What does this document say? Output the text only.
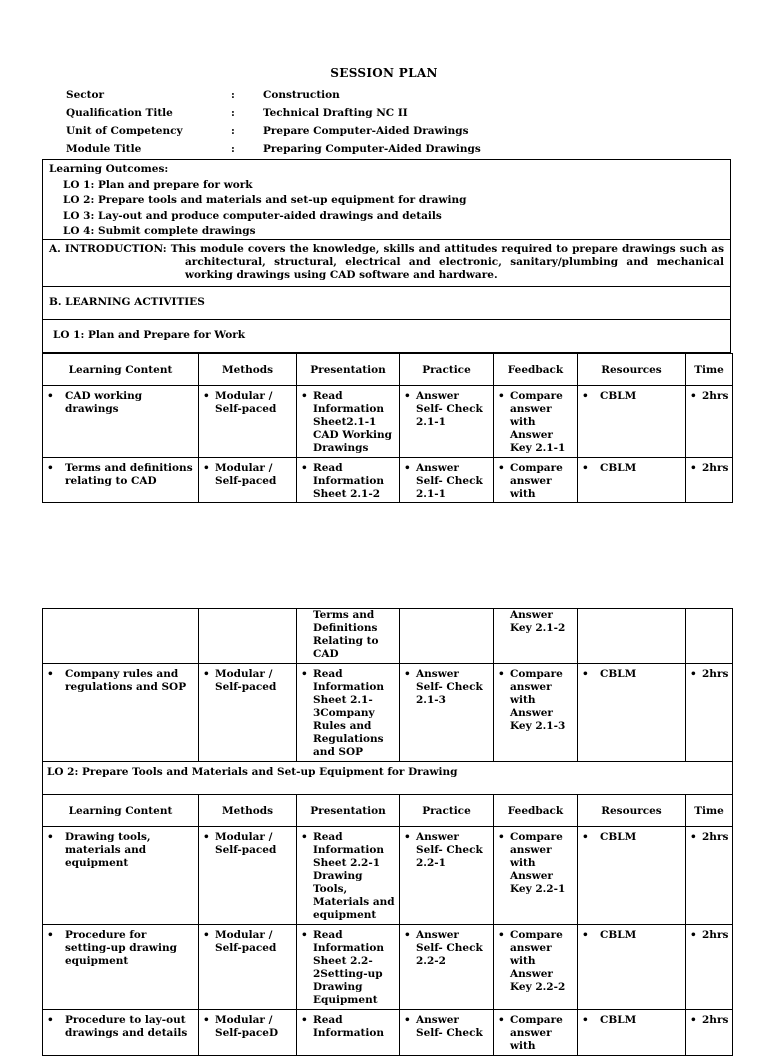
SESSION PLAN
Sector	:	Construction
Qualification Title	:	Technical Drafting NC II
Unit of Competency	:	Prepare Computer-Aided Drawings
Module Title	:	Preparing Computer-Aided Drawings
Learning Outcomes:
LO 1: Plan and prepare for work
LO 2: Prepare tools and materials and set-up equipment for drawing
LO 3: Lay-out and produce computer-aided drawings and details
LO 4: Submit complete drawings
A. INTRODUCTION: This module covers the knowledge, skills and attitudes required to prepare drawings such as
architectural, structural, electrical and electronic, sanitary/plumbing and mechanical
working drawings using CAD software and hardware.
B. LEARNING ACTIVITIES
LO 1: Plan and Prepare for Work
Learning Content	Methods	Presentation	Practice	Feedback	Resources	Time

• CAD working drawings	• Modular / Self-paced	• Read Information Sheet2.1-1 CAD Working Drawings	• Answer Self- Check 2.1-1	• Compare answer with Answer Key 2.1-1	• CBLM	• 2hrs

• Terms and definitions relating to CAD	• Modular / Self-paced	• Read Information Sheet 2.1-2	• Answer Self- Check 2.1-1	• Compare answer with	• CBLM	• 2hrs

		Terms and Definitions Relating to CAD		Answer Key 2.1-2		

• Company rules and regulations and SOP	• Modular / Self-paced	• Read Information Sheet 2.1-3Company Rules and Regulations and SOP	• Answer Self- Check 2.1-3	• Compare answer with Answer Key 2.1-3	• CBLM	• 2hrs

LO 2: Prepare Tools and Materials and Set-up Equipment for Drawing						
Learning Content	Methods	Presentation	Practice	Feedback	Resources	Time

• Drawing tools, materials and equipment	• Modular / Self-paced	• Read Information Sheet 2.2-1 Drawing Tools, Materials and equipment	• Answer Self- Check 2.2-1	• Compare answer with Answer Key 2.2-1	• CBLM	• 2hrs

• Procedure for setting-up drawing equipment	• Modular / Self-paced	• Read Information Sheet 2.2-2Setting-up Drawing Equipment	• Answer Self- Check 2.2-2	• Compare answer with Answer Key 2.2-2	• CBLM	• 2hrs

• Procedure to lay-out drawings and details	• Modular / Self-paceD	• Read Information	• Answer Self- Check	• Compare answer with	• CBLM	• 2hrs
